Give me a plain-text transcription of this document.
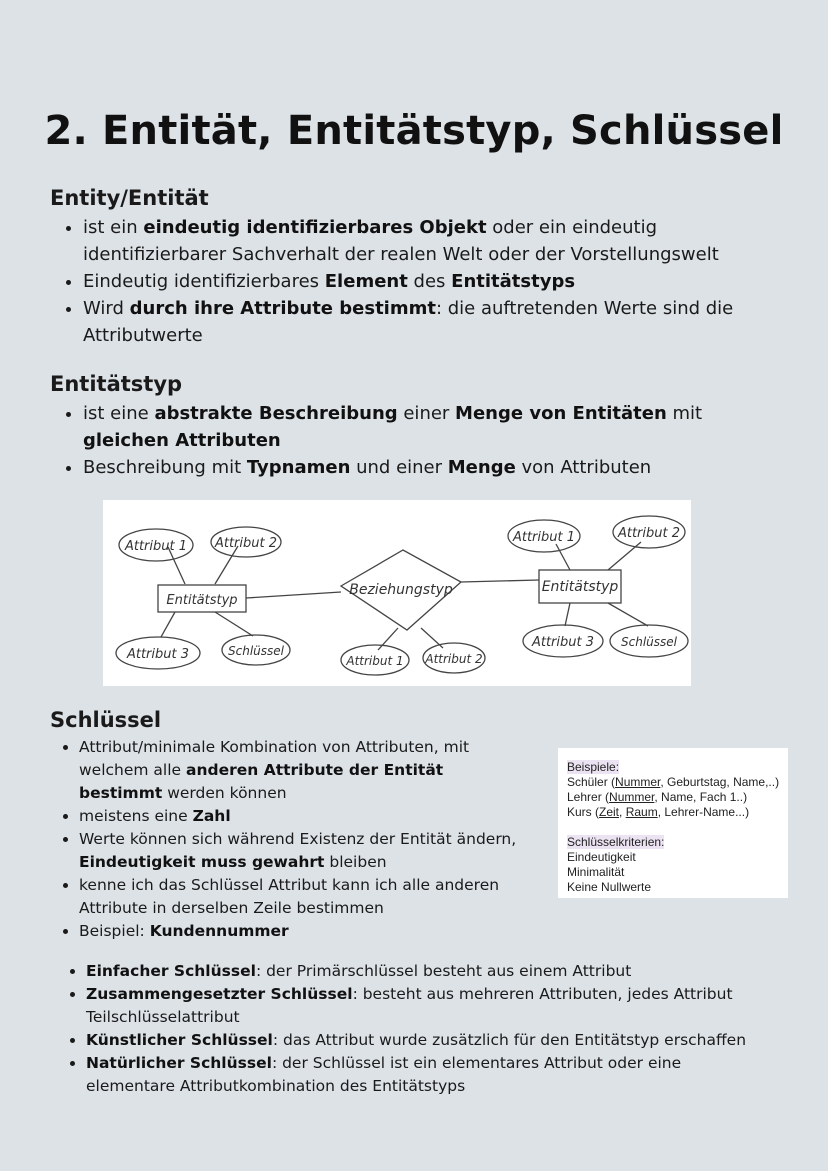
2. Entität, Entitätstyp, Schlüssel
Entity/Entität
• ist ein eindeutig identifizierbares Objekt oder ein eindeutig identifizierbarer Sachverhalt der realen Welt oder der Vorstellungswelt
• Eindeutig identifizierbares Element des Entitätstyps
• Wird durch ihre Attribute bestimmt: die auftretenden Werte sind die Attributwerte
Entitätstyp
• ist eine abstrakte Beschreibung einer Menge von Entitäten mit gleichen Attributen
• Beschreibung mit Typnamen und einer Menge von Attributen
Attribut 1 Attribut 2
Attribut 3	Schlüssel
Entitätstyp
Beziehungstyp
Attribut 1 Attribut 2
Entitätstyp
Attribut 1	Attribut 2
Attribut 3 Schlüssel
Schlüssel
• Attribut/minimale Kombination von Attributen, mit welchem alle anderen Attribute der Entität bestimmt werden können
• meistens eine Zahl
• Werte können sich während Existenz der Entität ändern, Eindeutigkeit muss gewahrt bleiben
• kenne ich das Schlüssel Attribut kann ich alle anderen Attribute in derselben Zeile bestimmen
• Beispiel: Kundennummer
Beispiele:
Schüler (Nummer, Geburtstag, Name,..)
Lehrer (Nummer, Name, Fach 1..)
Kurs (Zeit, Raum, Lehrer-Name...)
Schlüsselkriterien:
Eindeutigkeit
Minimalität
Keine Nullwerte
• Einfacher Schlüssel: der Primärschlüssel besteht aus einem Attribut
• Zusammengesetzter Schlüssel: besteht aus mehreren Attributen, jedes Attribut Teilschlüsselattribut
• Künstlicher Schlüssel: das Attribut wurde zusätzlich für den Entitätstyp erschaffen
• Natürlicher Schlüssel: der Schlüssel ist ein elementares Attribut oder eine elementare Attributkombination des Entitätstyps
